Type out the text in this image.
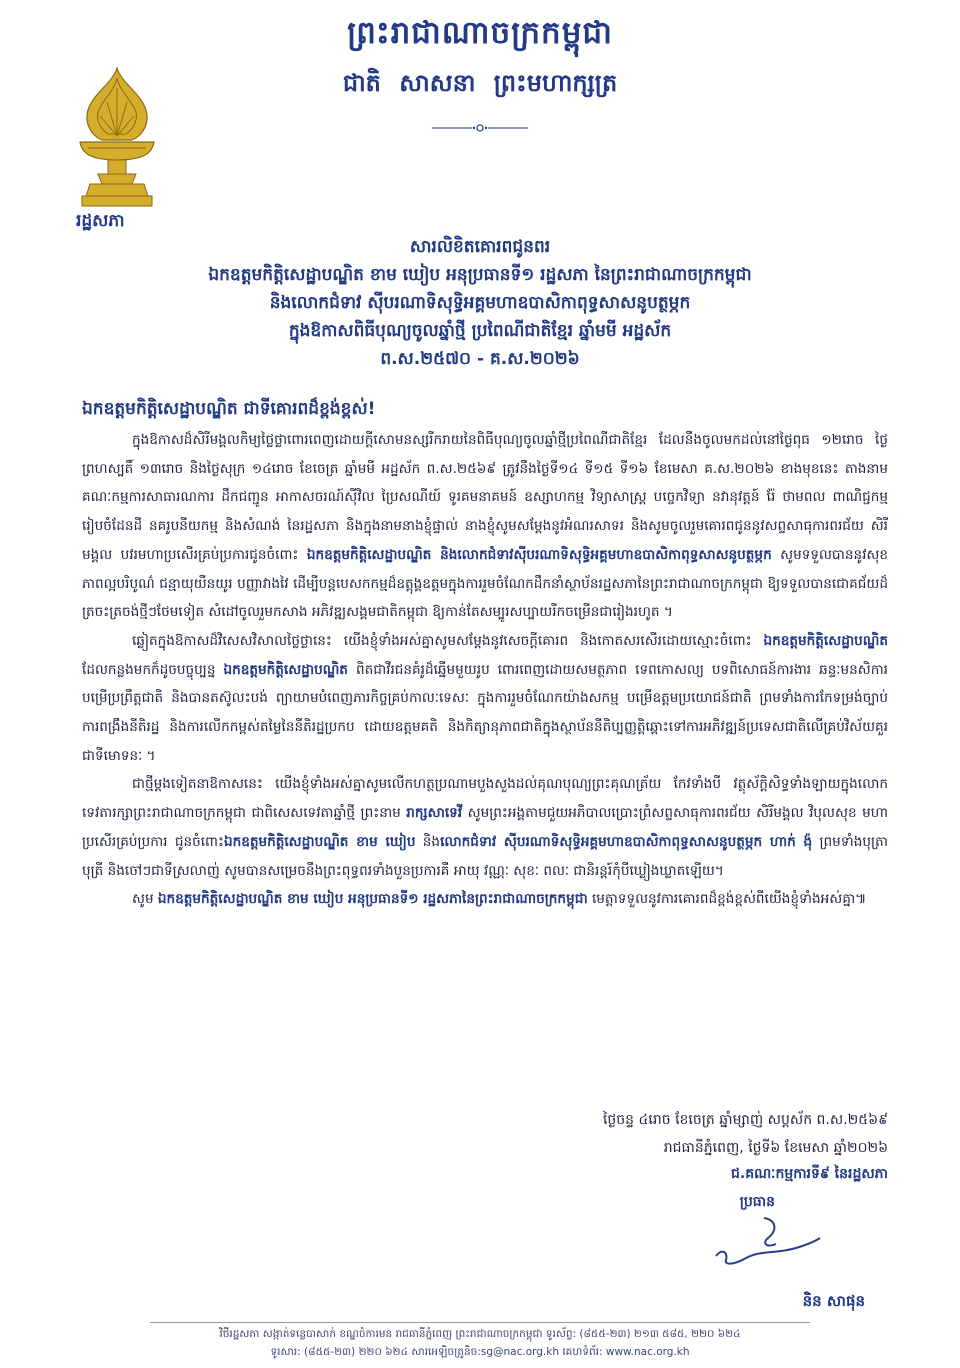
ព្រះរាជាណាចក្រកម្ពុជា
ជាតិ សាសនា ព្រះមហាក្សត្រ
រដ្ឋសភា
សារលិខិតគោរពជូនពរ
ឯកឧត្តមកិត្តិសេដ្ឋាបណ្ឌិត ខាម ឃៀប អនុប្រធានទី១ រដ្ឋសភា នៃព្រះរាជាណាចក្រកម្ពុជា
និងលោកជំទាវ ស៊ីបរណាទិសុទ្ធិអគ្គមហាឧបាសិកាពុទ្ធសាសនូបត្ថម្ភក
ក្នុងឱកាសពិធីបុណ្យចូលឆ្នាំថ្មី ប្រពៃណីជាតិខ្មែរ ឆ្នាំមមី អដ្ឋស័ក
ព.ស.២៥៧០ - គ.ស.២០២៦
ឯកឧត្តមកិត្តិសេដ្ឋាបណ្ឌិត ជាទីគោរពដ៏ខ្ពង់ខ្ពស់!

ក្នុងឱកាសដ៏សិរីមង្គលកិម្យថ្លៃថ្លាពោរពេញដោយក្ដីសោមនស្សរីករាយនៃពិធីបុណ្យចូលឆ្នាំថ្មីប្រពៃណីជាតិខ្មែរ ដែលនឹងចូលមកដល់នៅថ្ងៃពុធ ១២រោច ថ្ងៃព្រហស្បតិ៍ ១៣រោច និងថ្ងៃសុក្រ ១៤រោច ខែចេត្រ ឆ្នាំមមី អដ្ឋស័ក ព.ស.២៥៦៩ ត្រូវនឹងថ្ងៃទី១៤ ទី១៥ ទី១៦ ខែមេសា គ.ស.២០២៦ ខាងមុខនេះ តាងនាមគណៈកម្មការសាធារណការ ដឹកជញ្ជូន អាកាសចរណ៍ស៊ីវិល ប្រៃសណីយ៍ ទូរគមនាគមន៍ ឧស្សាហកម្ម វិទ្យាសាស្ត្រ បច្ចេកវិទ្យា នវានុវត្តន៍ រ៉ែ ថាមពល ពាណិជ្ជកម្ម រៀបចំដែនដី នគរូបនីយកម្ម និងសំណង់ នៃរដ្ឋសភា និងក្នុងនាមនាងខ្ញុំផ្ទាល់ នាងខ្ញុំសូមសម្ដែងនូវអំណរសាទរ និងសូមចូលរួមគោរពជូននូវសព្ទសាធុការពរជ័យ សិរីមង្គល បវរមហាប្រសើរគ្រប់ប្រការជូនចំពោះ ឯកឧត្តមកិត្តិសេដ្ឋាបណ្ឌិត និងលោកជំទាវស៊ីបរណាទិសុទ្ធិអគ្គមហាឧបាសិកាពុទ្ធសាសនូបត្ថម្ភក សូមទទួលបាននូវសុខភាពល្អបរិបូណ៌ ជន្មាយុយឺនយូរ បញ្ញាវាងវៃ ដើម្បីបន្តបេសកកម្មដ៏ឧត្ដុង្គឧត្ដមក្នុងការរួមចំណែកដឹកនាំស្ថាប័នរដ្ឋសភានៃព្រះរាជាណាចក្រកម្ពុជា ឱ្យទទួលបានជោគជ័យដ៏ត្រចះត្រចង់ថ្មីៗថែមទៀត សំដៅចូលរួមកសាង អភិវឌ្ឍសង្គមជាតិកម្ពុជា ឱ្យកាន់តែសម្បូរសប្បាយរីកចម្រើនជារៀងរហូត ។

ឆ្លៀតក្នុងឱកាសដ៏វិសេសវិសាលថ្លៃថ្លានេះ យើងខ្ញុំទាំងអស់គ្នាសូមសម្ដែងនូវសេចក្ដីគោរព និងកោតសរសើរដោយស្មោះចំពោះ ឯកឧត្តមកិត្តិសេដ្ឋាបណ្ឌិត ដែលកន្លងមកក៏ដូចបច្ចុប្បន្ន ឯកឧត្តមកិត្តិសេដ្ឋាបណ្ឌិត ពិតជាវីរជនគំរូដ៏ឆ្នើមមួយរូប ពោរពេញដោយសមត្ថភាព ទេពកោសល្យ បទពិសោធន៍ការងារ ឆន្ទៈមនសិការបម្រើប្រព្រឹត្តជាតិ និងបានតស៊ូលះបង់ ព្យាយាមបំពេញភារកិច្ចគ្រប់កាលៈទេសៈ ក្នុងការរួមចំណែកយ៉ាងសកម្ម បម្រើឧត្ដមប្រយោជន៍ជាតិ ព្រមទាំងការកែទម្រង់ច្បាប់ ការពង្រឹងនីតិរដ្ឋ និងការលើកកម្ពស់តម្លៃនៃនីតិរដ្ឋប្រកប ដោយឧត្តមគតិ និងកិត្យានុភាពជាតិក្នុងស្ថាប័ននីតិប្បញ្ញត្តិឆ្ពោះទៅការអភិវឌ្ឍន៍ប្រទេសជាតិលើគ្រប់វិស័យគួរជាទីមោទនៈ ។

ជាថ្មីម្ដងទៀតនាឱកាសនេះ យើងខ្ញុំទាំងអស់គ្នាសូមលើកហត្ថប្រណាមបួងសួងដល់គុណបុណ្យព្រះគុណត្រ័យ កែវទាំងបី វត្ថុស័ក្តិសិទ្ធទាំងឡាយក្នុងលោក ទេវតារក្សាព្រះរាជាណាចក្រកម្ពុជា ជាពិសេសទេវតាឆ្នាំថ្មី ព្រះនាម រាក្សសាទេវី សូមព្រះអង្គតាមជួយអភិបាលប្រោះព្រំសព្ទសាធុការពរជ័យ សិរីមង្គល វិបុលសុខ មហាប្រសើរគ្រប់ប្រការ ជូនចំពោះឯកឧត្តមកិត្តិសេដ្ឋាបណ្ឌិត ខាម ឃៀប និងលោកជំទាវ ស៊ីបរណាទិសុទ្ធិអគ្គមហាឧបាសិកាពុទ្ធសាសនូបត្ថម្ភក ហាក់ ង៉ុ ព្រមទាំងបុត្រា បុត្រី និងចៅៗជាទីស្រលាញ់ សូមបានសម្រេចនឹងព្រះពុទ្ធពរទាំងបួនប្រការគឺ អាយុ វណ្ណៈ សុខៈ ពលៈ ជានិរន្តរ៍កុំបីឃ្លៀងឃ្លាតឡើយ។

សូម ឯកឧត្តមកិត្តិសេដ្ឋាបណ្ឌិត ខាម ឃៀប អនុប្រធានទី១ រដ្ឋសភានៃព្រះរាជាណាចក្រកម្ពុជា មេត្តាទទួលនូវការគោរពដ៏ខ្ពង់ខ្ពស់ពីយើងខ្ញុំទាំងអស់គ្នា៕

ថ្ងៃចន្ទ ៤រោច ខែចេត្រ ឆ្នាំម្សាញ់ សប្តស័ក ព.ស.២៥៦៩
រាជធានីភ្នំពេញ, ថ្ងៃទី៦ ខែមេសា ឆ្នាំ២០២៦
ជ.គណៈកម្មការទី៩ នៃរដ្ឋសភា
ប្រធាន
និន សាផុន
វិថីរដ្ឋសភា សង្កាត់ទន្លេបាសាក់ ខណ្ឌចំការមន រាជធានីភ្នំពេញ ព្រះរាជាណាចក្រកម្ពុជា ទូរស័ព្ទ: (៨៥៥-២៣) ២១៣ ៥៨៥, ២២០ ៦២៤
ទូរសារ: (៨៥៥-២៣) ២២០ ៦២៤ សារអេឡិចត្រូនិច:sg@nac.org.kh គេហទំព័រ: www.nac.org.kh
